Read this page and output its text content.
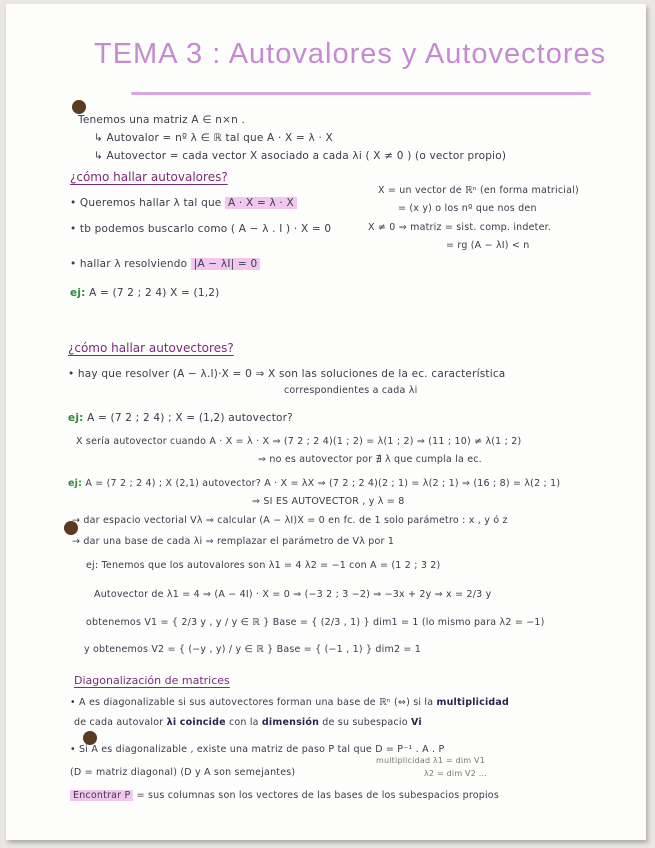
TEMA 3 : Autovalores y Autovectores
Tenemos una matriz A ∈ n×n .
↳ Autovalor = nº λ ∈ ℝ tal que A · X = λ · X
↳ Autovector = cada vector X asociado a cada λi ( X ≠ 0 ) (o vector propio)
¿cómo hallar autovalores?
• Queremos hallar λ tal que A · X = λ · X
• tb podemos buscarlo como ( A − λ . I ) · X = 0
X = un vector de ℝⁿ (en forma matricial)
= (x y) o los nº que nos den
X ≠ 0 ⇒ matriz = sist. comp. indeter.
= rg (A − λI) < n
• hallar λ resolviendo |A − λI| = 0
ej: A = (7 2 ; 2 4) X = (1,2)
¿cómo hallar autovectores?
• hay que resolver (A − λ.I)·X = 0 ⇒ X son las soluciones de la ec. característica
correspondientes a cada λi
ej: A = (7 2 ; 2 4) ; X = (1,2) autovector?
X sería autovector cuando A · X = λ · X ⇒ (7 2 ; 2 4)(1 ; 2) = λ(1 ; 2) ⇒ (11 ; 10) ≠ λ(1 ; 2)
⇒ no es autovector por ∄ λ que cumpla la ec.
ej: A = (7 2 ; 2 4) ; X (2,1) autovector? A · X = λX ⇒ (7 2 ; 2 4)(2 ; 1) = λ(2 ; 1) ⇒ (16 ; 8) = λ(2 ; 1)
⇒ SI ES AUTOVECTOR , y λ = 8
→ dar espacio vectorial Vλ ⇒ calcular (A − λI)X = 0 en fc. de 1 solo parámetro : x , y ó z
→ dar una base de cada λi ⇒ remplazar el parámetro de Vλ por 1
ej: Tenemos que los autovalores son λ1 = 4 λ2 = −1 con A = (1 2 ; 3 2)
Autovector de λ1 = 4 ⇒ (A − 4I) · X = 0 ⇒ (−3 2 ; 3 −2) ⇒ −3x + 2y ⇒ x = 2/3 y
obtenemos V1 = { 2/3 y , y / y ∈ ℝ } Base = { (2/3 , 1) } dim1 = 1 (lo mismo para λ2 = −1)
y obtenemos V2 = { (−y , y) / y ∈ ℝ } Base = { (−1 , 1) } dim2 = 1
Diagonalización de matrices
• A es diagonalizable si sus autovectores forman una base de ℝⁿ (⇔) si la multiplicidad
de cada autovalor λi coincide con la dimensión de su subespacio Vi
• Si A es diagonalizable , existe una matriz de paso P tal que D = P⁻¹ . A . P
(D = matriz diagonal) (D y A son semejantes)
multiplicidad λ1 = dim V1
λ2 = dim V2 ...
Encontrar P = sus columnas son los vectores de las bases de los subespacios propios
